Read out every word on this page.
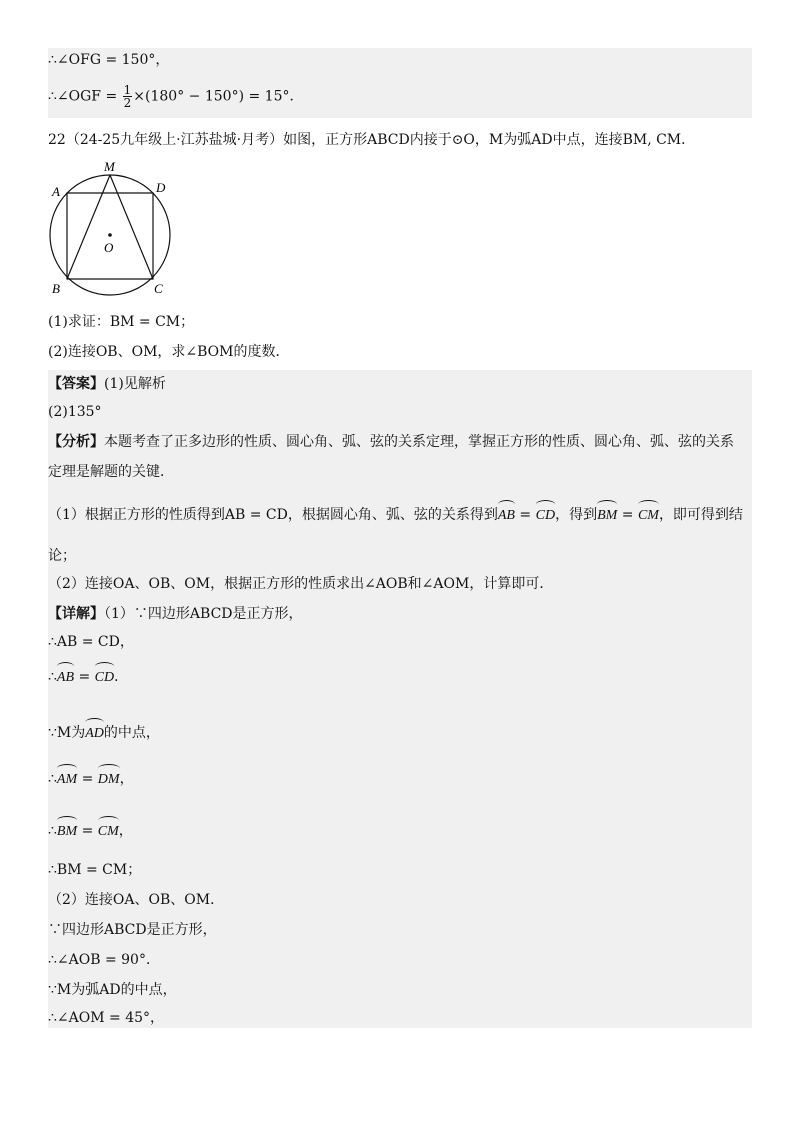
∴∠OFG = 150°，
∴∠OGF = $\frac{1}{2} \times(180^\circ - 150^\circ) = 15^\circ$．
22（24-25九年级上·江苏盐城·月考）如图，正方形ABCD内接于⊙O，M为弧AD中点，连接BM, CM．
A	D
M
O
B	C
(1)求证：BM = CM；
(2)连接OB、OM，求∠BOM的度数．
【答案】(1)见解析
(2)135°
【分析】本题考查了正多边形的性质、圆心角、弧、弦的关系定理，掌握正方形的性质、圆心角、弧、弦的关系
定理是解题的关键．
（1）根据正方形的性质得到AB = CD，根据圆心角、弧、弦的关系得到AB = CD，得到BM = CM，即可得到结
论；
（2）连接OA、OB、OM，根据正方形的性质求出∠AOB和∠AOM，计算即可．
【详解】（1）∵四边形ABCD是正方形，
∴AB = CD，
∴AB = CD．
∵M为AD的中点，
∴AM = DM，
∴BM = CM，
∴BM = CM；
（2）连接OA、OB、OM．
∵四边形ABCD是正方形，
∴∠AOB = 90°．
∵M为弧AD的中点，
∴∠AOM = 45°，
